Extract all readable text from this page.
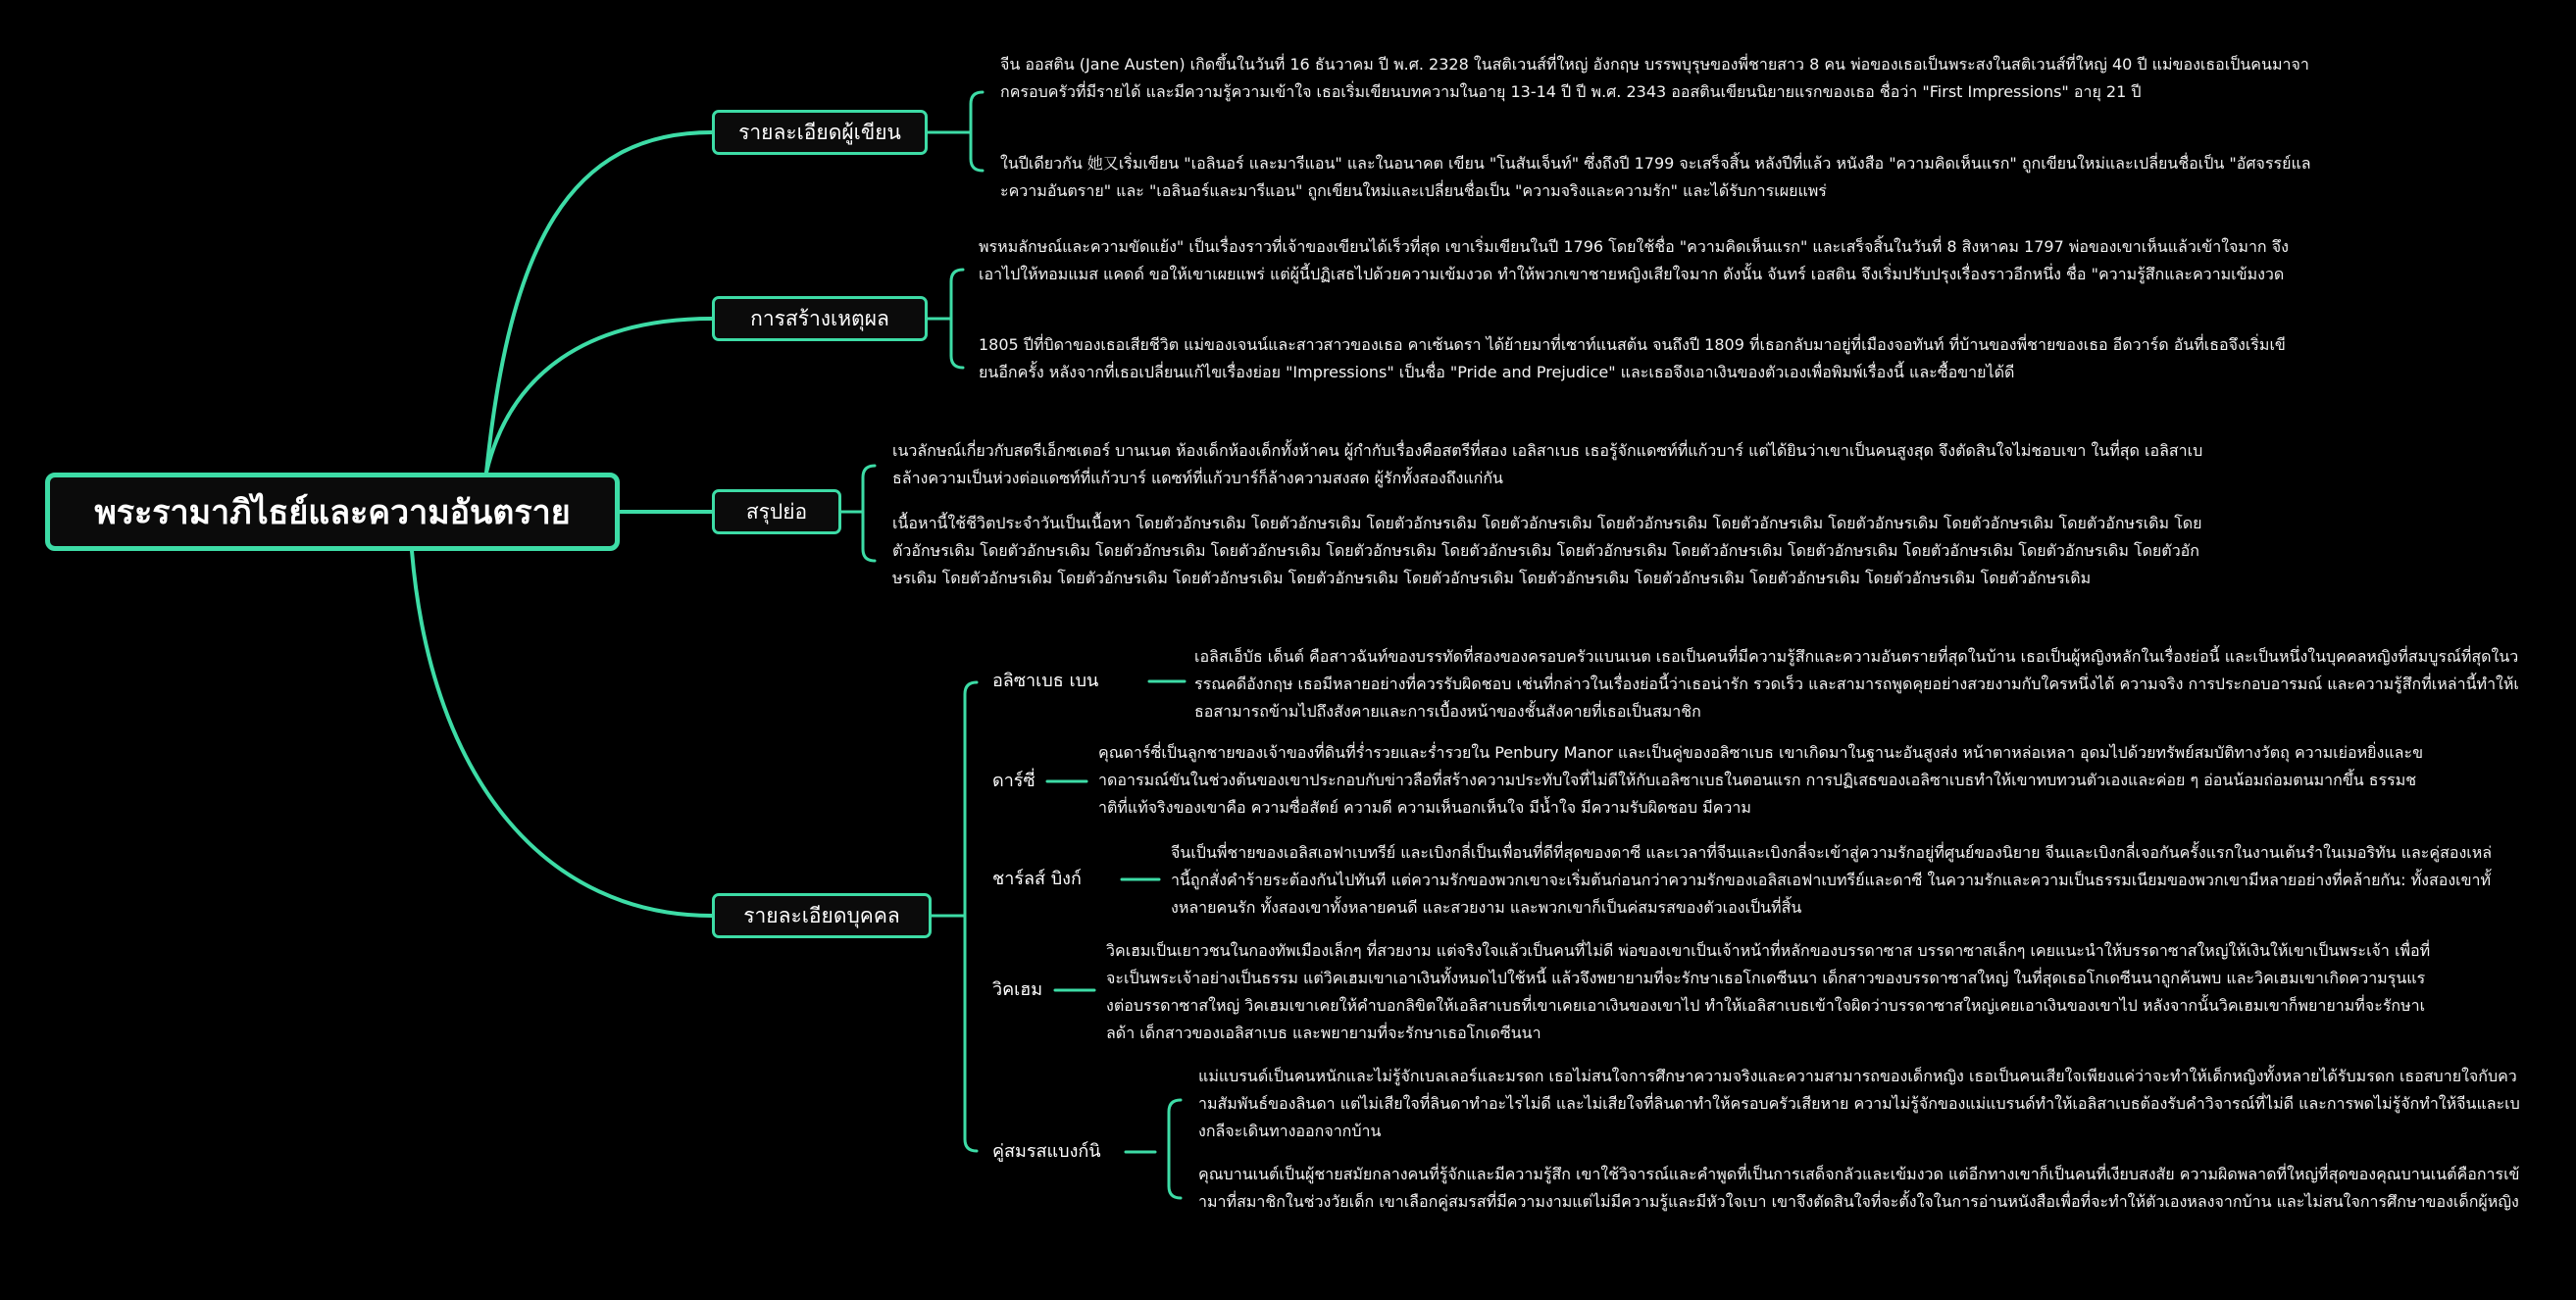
พระรามาภิไธย์และความอันตราย
รายละเอียดผู้เขียน
จีน ออสติน (Jane Austen) เกิดขึ้นในวันที่ 16 ธันวาคม ปี พ.ศ. 2328 ในสติเวนส์ที่ใหญ่ อังกฤษ บรรพบุรุษของพี่ชายสาว 8 คน พ่อของเธอเป็นพระสงในสติเวนส์ที่ใหญ่ 40 ปี แม่ของเธอเป็นคนมาจากครอบครัวที่มีรายได้ และมีความรู้ความเข้าใจ เธอเริ่มเขียนบทความในอายุ 13-14 ปี ปี พ.ศ. 2343 ออสตินเขียนนิยายแรกของเธอ ชื่อว่า "First Impressions" อายุ 21 ปี
ในปีเดียวกัน 她又เริ่มเขียน "เอลินอร์ และมารีแอน" และในอนาคต เขียน "โนสันเจ็นท์" ซึ่งถึงปี 1799 จะเสร็จสิ้น หลังปีที่แล้ว หนังสือ "ความคิดเห็นแรก" ถูกเขียนใหม่และเปลี่ยนชื่อเป็น "อัศจรรย์และความอันตราย" และ "เอลินอร์และมารีแอน" ถูกเขียนใหม่และเปลี่ยนชื่อเป็น "ความจริงและความรัก" และได้รับการเผยแพร่
การสร้างเหตุผล
พรหมลักษณ์และความขัดแย้ง" เป็นเรื่องราวที่เจ้าของเขียนได้เร็วที่สุด เขาเริ่มเขียนในปี 1796 โดยใช้ชื่อ "ความคิดเห็นแรก" และเสร็จสิ้นในวันที่ 8 สิงหาคม 1797 พ่อของเขาเห็นแล้วเข้าใจมาก จึงเอาไปให้ทอมแมส แคดด์ ขอให้เขาเผยแพร่ แต่ผู้นี้ปฏิเสธไปด้วยความเข้มงวด ทำให้พวกเขาชายหญิงเสียใจมาก ดังนั้น จันทร์ เอสติน จึงเริ่มปรับปรุงเรื่องราวอีกหนึ่ง ชื่อ "ความรู้สึกและความเข้มงวด
1805 ปีที่บิดาของเธอเสียชีวิต แม่ของเจนน์และสาวสาวของเธอ คาเซ้นดรา ได้ย้ายมาที่เซาท์แนสต้น จนถึงปี 1809 ที่เธอกลับมาอยู่ที่เมืองจอทันท์ ที่บ้านของพี่ชายของเธอ อีดวาร์ด อันที่เธอจึงเริ่มเขียนอีกครั้ง หลังจากที่เธอเปลี่ยนแก้ไขเรื่องย่อย "Impressions" เป็นชื่อ "Pride and Prejudice" และเธอจึงเอาเงินของตัวเองเพื่อพิมพ์เรื่องนี้ และซื้อขายได้ดี
สรุปย่อ
เนวลักษณ์เกี่ยวกับสตรีเอ็กซเตอร์ บานเนต ห้องเด็กห้องเด็กทั้งห้าคน ผู้กำกับเรื่องคือสตรีที่สอง เอลิสาเบธ เธอรู้จักแดซท์ที่แก้วบาร์ แต่ได้ยินว่าเขาเป็นคนสูงสุด จึงตัดสินใจไม่ชอบเขา ในที่สุด เอลิสาเบธล้างความเป็นห่วงต่อแดซท์ที่แก้วบาร์ แดซท์ที่แก้วบาร์ก็ล้างความสงสด ผู้รักทั้งสองถึงแก่กัน
เนื้อหานี้ใช้ชีวิตประจำวันเป็นเนื้อหา โดยตัวอักษรเดิม โดยตัวอักษรเดิม โดยตัวอักษรเดิม โดยตัวอักษรเดิม โดยตัวอักษรเดิม โดยตัวอักษรเดิม โดยตัวอักษรเดิม โดยตัวอักษรเดิม โดยตัวอักษรเดิม โดยตัวอักษรเดิม โดยตัวอักษรเดิม โดยตัวอักษรเดิม โดยตัวอักษรเดิม โดยตัวอักษรเดิม โดยตัวอักษรเดิม โดยตัวอักษรเดิม โดยตัวอักษรเดิม โดยตัวอักษรเดิม โดยตัวอักษรเดิม โดยตัวอักษรเดิม โดยตัวอักษรเดิม โดยตัวอักษรเดิม โดยตัวอักษรเดิม โดยตัวอักษรเดิม โดยตัวอักษรเดิม โดยตัวอักษรเดิม โดยตัวอักษรเดิม โดยตัวอักษรเดิม โดยตัวอักษรเดิม โดยตัวอักษรเดิม โดยตัวอักษรเดิม
รายละเอียดบุคคล
อลิซาเบธ เบน
เอลิสเอ็บัธ เด็นต์ คือสาวฉันท์ของบรรทัดที่สองของครอบครัวแบนเนต เธอเป็นคนที่มีความรู้สึกและความอันตรายที่สุดในบ้าน เธอเป็นผู้หญิงหลักในเรื่องย่อนี้ และเป็นหนึ่งในบุคคลหญิงที่สมบูรณ์ที่สุดในวรรณคดีอังกฤษ เธอมีหลายอย่างที่ควรรับผิดชอบ เช่นที่กล่าวในเรื่องย่อนี้ว่าเธอน่ารัก รวดเร็ว และสามารถพูดคุยอย่างสวยงามกับใครหนึ่งได้ ความจริง การประกอบอารมณ์ และความรู้สึกที่เหล่านี้ทำให้เธอสามารถข้ามไปถึงสังคายและการเบื้องหน้าของชั้นสังคายที่เธอเป็นสมาชิก
ดาร์ซี่
คุณดาร์ซี่เป็นลูกชายของเจ้าของที่ดินที่ร่ำรวยและร่ำรวยใน Penbury Manor และเป็นคู่ของอลิซาเบธ เขาเกิดมาในฐานะอันสูงส่ง หน้าตาหล่อเหลา อุดมไปด้วยทรัพย์สมบัติทางวัตถุ ความเย่อหยิ่งและขาดอารมณ์ขันในช่วงต้นของเขาประกอบกับข่าวลือที่สร้างความประทับใจที่ไม่ดีให้กับเอลิซาเบธในตอนแรก การปฏิเสธของเอลิซาเบธทำให้เขาทบทวนตัวเองและค่อย ๆ อ่อนน้อมถ่อมตนมากขึ้น ธรรมชาติที่แท้จริงของเขาคือ ความซื่อสัตย์ ความดี ความเห็นอกเห็นใจ มีน้ำใจ มีความรับผิดชอบ มีความ
ชาร์ลส์ บิงก์
จีนเป็นพี่ชายของเอลิสเอฟาเบทรีย์ และเบิงกลี่เป็นเพื่อนที่ดีที่สุดของดาซี และเวลาที่จีนและเบิงกลี่จะเข้าสู่ความรักอยู่ที่ศูนย์ของนิยาย จีนและเบิงกลี่เจอกันครั้งแรกในงานเต้นรำในเมอริทัน และคู่สองเหล่านี้ถูกสั่งคำร้ายระต้องกันไปทันที แต่ความรักของพวกเขาจะเริ่มต้นก่อนกว่าความรักของเอลิสเอฟาเบทรีย์และดาซี ในความรักและความเป็นธรรมเนียมของพวกเขามีหลายอย่างที่คล้ายกัน: ทั้งสองเขาทั้งหลายคนรัก ทั้งสองเขาทั้งหลายคนดี และสวยงาม และพวกเขาก็เป็นค่สมรสของตัวเองเป็นที่สิ้น
วิคเฮม
วิคเฮมเป็นเยาวชนในกองทัพเมืองเล็กๆ ที่สวยงาม แต่จริงใจแล้วเป็นคนที่ไม่ดี พ่อของเขาเป็นเจ้าหน้าที่หลักของบรรดาซาส บรรดาซาสเล็กๆ เคยแนะนำให้บรรดาซาสใหญ่ให้เงินให้เขาเป็นพระเจ้า เพื่อที่จะเป็นพระเจ้าอย่างเป็นธรรม แต่วิคเฮมเขาเอาเงินทั้งหมดไปใช้หนี้ แล้วจึงพยายามที่จะรักษาเธอโกเดซีนนา เด็กสาวของบรรดาซาสใหญ่ ในที่สุดเธอโกเดซีนนาถูกค้นพบ และวิคเฮมเขาเกิดความรุนแรงต่อบรรดาซาสใหญ่ วิคเฮมเขาเคยให้คำบอกลิขิตให้เอลิสาเบธที่เขาเคยเอาเงินของเขาไป ทำให้เอลิสาเบธเข้าใจผิดว่าบรรดาซาสใหญ่เคยเอาเงินของเขาไป หลังจากนั้นวิคเฮมเขาก็พยายามที่จะรักษาเลด้า เด็กสาวของเอลิสาเบธ และพยายามที่จะรักษาเธอโกเดซีนนา
คู่สมรสแบงก์นิ
แม่แบรนด์เป็นคนหนักและไม่รู้จักเบลเลอร์และมรดก เธอไม่สนใจการศึกษาความจริงและความสามารถของเด็กหญิง เธอเป็นคนเสียใจเพียงแค่ว่าจะทำให้เด็กหญิงทั้งหลายได้รับมรดก เธอสบายใจกับความสัมพันธ์ของลินดา แต่ไม่เสียใจที่ลินดาทำอะไรไม่ดี และไม่เสียใจที่ลินดาทำให้ครอบครัวเสียหาย ความไม่รู้จักของแม่แบรนด์ทำให้เอลิสาเบธต้องรับคำวิจารณ์ที่ไม่ดี และการพดไม่รู้จักทำให้จีนและเบงกลีจะเดินทางออกจากบ้าน
คุณบานเนต์เป็นผู้ชายสมัยกลางคนที่รู้จักและมีความรู้สึก เขาใช้วิจารณ์และคำพูดที่เป็นการเสด็จกลัวและเข้มงวด แต่อีกทางเขาก็เป็นคนที่เงียบสงสัย ความผิดพลาดที่ใหญ่ที่สุดของคุณบานเนต์คือการเข้ามาที่สมาชิกในช่วงวัยเด็ก เขาเลือกคู่สมรสที่มีความงามแต่ไม่มีความรู้และมีหัวใจเบา เขาจึงตัดสินใจที่จะตั้งใจในการอ่านหนังสือเพื่อที่จะทำให้ตัวเองหลงจากบ้าน และไม่สนใจการศึกษาของเด็กผู้หญิง
